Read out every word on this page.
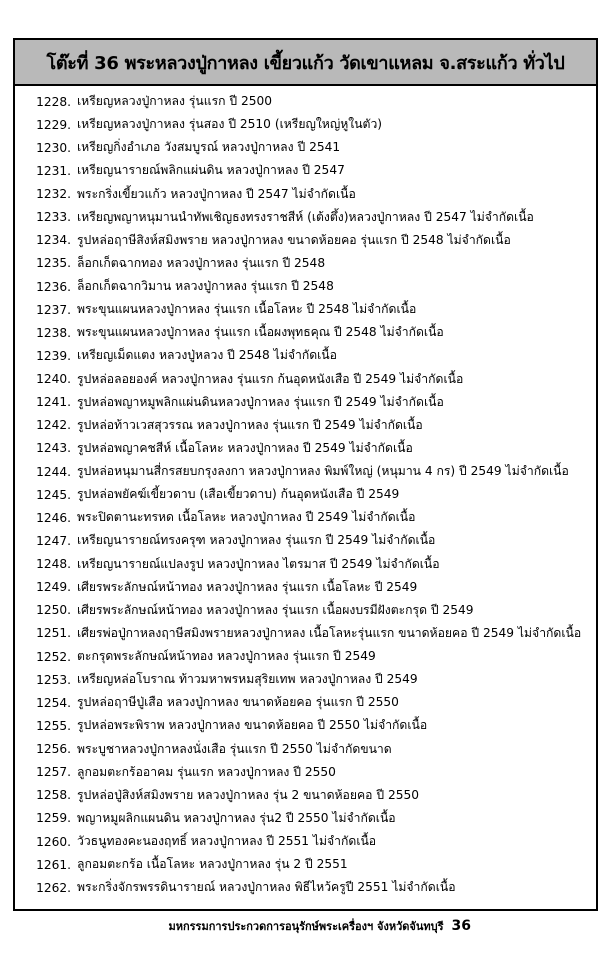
โต๊ะที่ 36 พระหลวงปู่กาหลง เขี้ยวแก้ว วัดเขาแหลม จ.สระแก้ว ทั่วไป
1228. เหรียญหลวงปู่กาหลง รุ่นแรก ปี 2500
1229. เหรียญหลวงปู่กาหลง รุ่นสอง ปี 2510 (เหรียญใหญ่หูในตัว)
1230. เหรียญกิ่งอำเภอ วังสมบูรณ์ หลวงปู่กาหลง ปี 2541
1231. เหรียญนารายณ์พลิกแผ่นดิน หลวงปู่กาหลง ปี 2547
1232. พระกริ่งเขี้ยวแก้ว หลวงปู่กาหลง ปี 2547 ไม่จำกัดเนื้อ
1233. เหรียญพญาหนุมานนำทัพเชิญธงทรงราชสีห์ (เต้งตึ้ง)หลวงปู่กาหลง ปี 2547 ไม่จำกัดเนื้อ
1234. รูปหล่อฤาษีสิงห์สมิงพราย หลวงปู่กาหลง ขนาดห้อยคอ รุ่นแรก ปี 2548 ไม่จำกัดเนื้อ
1235. ล็อกเก็ตฉากทอง หลวงปู่กาหลง รุ่นแรก ปี 2548
1236. ล็อกเก็ตฉากวิมาน หลวงปู่กาหลง รุ่นแรก ปี 2548
1237. พระขุนแผนหลวงปู่กาหลง รุ่นแรก เนื้อโลหะ ปี 2548 ไม่จำกัดเนื้อ
1238. พระขุนแผนหลวงปู่กาหลง รุ่นแรก เนื้อผงพุทธคุณ ปี 2548 ไม่จำกัดเนื้อ
1239. เหรียญเม็ดแตง หลวงปู่หลวง ปี 2548 ไม่จำกัดเนื้อ
1240. รูปหล่อลอยองค์ หลวงปู่กาหลง รุ่นแรก ก้นอุดหนังเสือ ปี 2549 ไม่จำกัดเนื้อ
1241. รูปหล่อพญาหมูพลิกแผ่นดินหลวงปู่กาหลง รุ่นแรก ปี 2549 ไม่จำกัดเนื้อ
1242. รูปหล่อท้าวเวสสุวรรณ หลวงปู่กาหลง รุ่นแรก ปี 2549 ไม่จำกัดเนื้อ
1243. รูปหล่อพญาคชสีห์ เนื้อโลหะ หลวงปู่กาหลง ปี 2549 ไม่จำกัดเนื้อ
1244. รูปหล่อหนุมานสี่กรสยบกรุงลงกา หลวงปู่กาหลง พิมพ์ใหญ่ (หนุมาน 4 กร) ปี 2549 ไม่จำกัดเนื้อ
1245. รูปหล่อพยัคฆ์เขี้ยวดาบ (เสือเขี้ยวดาบ) ก้นอุดหนังเสือ ปี 2549
1246. พระปิดตานะทรหด เนื้อโลหะ หลวงปู่กาหลง ปี 2549 ไม่จำกัดเนื้อ
1247. เหรียญนารายณ์ทรงครุฑ หลวงปู่กาหลง รุ่นแรก ปี 2549 ไม่จำกัดเนื้อ
1248. เหรียญนารายณ์แปลงรูป หลวงปู่กาหลง ไตรมาส ปี 2549 ไม่จำกัดเนื้อ
1249. เศียรพระลักษณ์หน้าทอง หลวงปู่กาหลง รุ่นแรก เนื้อโลหะ ปี 2549
1250. เศียรพระลักษณ์หน้าทอง หลวงปู่กาหลง รุ่นแรก เนื้อผงบรมีฝังตะกรุด ปี 2549
1251. เศียรพ่อปู่กาหลงฤาษีสมิงพรายหลวงปู่กาหลง เนื้อโลหะรุ่นแรก ขนาดห้อยคอ ปี 2549 ไม่จำกัดเนื้อ
1252. ตะกรุดพระลักษณ์หน้าทอง หลวงปู่กาหลง รุ่นแรก ปี 2549
1253. เหรียญหล่อโบราณ ท้าวมหาพรหมสุริยเทพ หลวงปู่กาหลง ปี 2549
1254. รูปหล่อฤาษีปู่เสือ หลวงปู่กาหลง ขนาดห้อยคอ รุ่นแรก ปี 2550
1255. รูปหล่อพระพิราพ หลวงปู่กาหลง ขนาดห้อยคอ ปี 2550 ไม่จำกัดเนื้อ
1256. พระบูชาหลวงปู่กาหลงนั่งเสือ รุ่นแรก ปี 2550 ไม่จำกัดขนาด
1257. ลูกอมตะกร้ออาคม รุ่นแรก หลวงปู่กาหลง ปี 2550
1258. รูปหล่อปู่สิงห์สมิงพราย หลวงปู่กาหลง รุ่น 2 ขนาดห้อยคอ ปี 2550
1259. พญาหมูผลิกแผนดิน หลวงปู่กาหลง รุ่น2 ปี 2550 ไม่จำกัดเนื้อ
1260. วัวธนูทองคะนองฤทธิ์ หลวงปู่กาหลง ปี 2551 ไม่จำกัดเนื้อ
1261. ลูกอมตะกร้อ เนื้อโลหะ หลวงปู่กาหลง รุ่น 2 ปี 2551
1262. พระกริ่งจักรพรรดินารายณ์ หลวงปู่กาหลง พิธีไหว้ครูปี 2551 ไม่จำกัดเนื้อ
มหกรรมการประกวดการอนุรักษ์พระเครื่องฯ จังหวัดจันทบุรี 36
